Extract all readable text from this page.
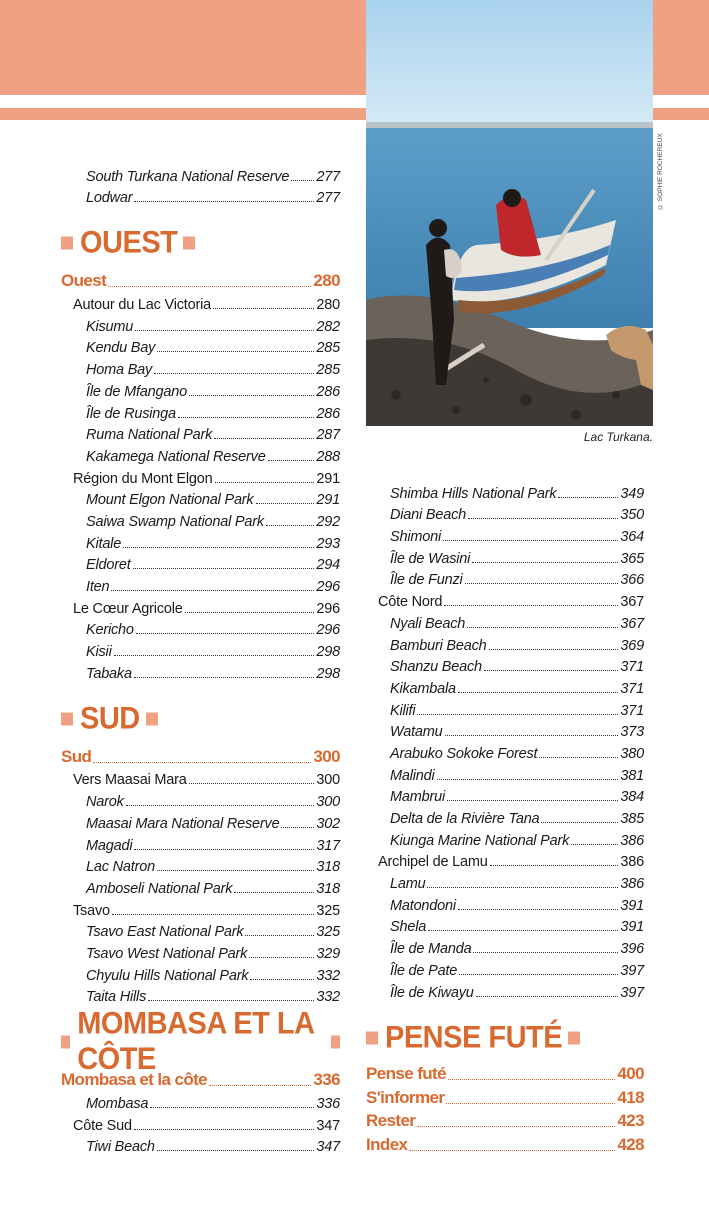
© SOPHIE ROCHEREUX
Lac Turkana.
South Turkana National Reserve 277
Lodwar	277
OUEST
Ouest	280
Autour du Lac Victoria	280
Kisumu	282
Kendu Bay	285
Homa Bay	285
Île de Mfangano	286
Île de Rusinga	286
Ruma National Park	287
Kakamega National Reserve	288
Région du Mont Elgon	291
Mount Elgon National Park	291
Saiwa Swamp National Park	292
Kitale	293
Eldoret	294
Iten	296
Le Cœur Agricole	296
Kericho	296
Kisii	298
Tabaka	298
SUD
Sud	300
Vers Maasai Mara	300
Narok	300
Maasai Mara National Reserve	302
Magadi	317
Lac Natron	318
Amboseli National Park	318
Tsavo	325
Tsavo East National Park	325
Tsavo West National Park	329
Chyulu Hills National Park	332
Taita Hills	332
MOMBASA ET LA CÔTE
Mombasa et la côte	336
Mombasa	336
Côte Sud	347
Tiwi Beach	347
Shimba Hills National Park	349
Diani Beach	350
Shimoni	364
Île de Wasini	365
Île de Funzi	366
Côte Nord	367
Nyali Beach	367
Bamburi Beach	369
Shanzu Beach	371
Kikambala	371
Kilifi	371
Watamu	373
Arabuko Sokoke Forest	380
Malindi	381
Mambrui	384
Delta de la Rivière Tana	385
Kiunga Marine National Park	386
Archipel de Lamu	386
Lamu	386
Matondoni	391
Shela	391
Île de Manda	396
Île de Pate	397
Île de Kiwayu	397
PENSE FUTÉ
Pense futé	400
S'informer	418
Rester	423
Index	428
